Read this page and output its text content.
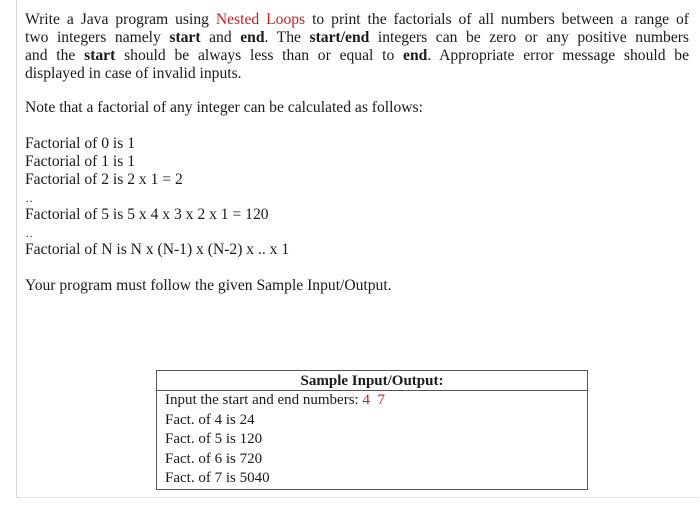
Write a Java program using Nested Loops to print the factorials of all numbers between a range of
two integers namely start and end. The start/end integers can be zero or any positive numbers
and the start should be always less than or equal to end. Appropriate error message should be
displayed in case of invalid inputs.

Note that a factorial of any integer can be calculated as follows:
Factorial of 0 is 1
Factorial of 1 is 1
Factorial of 2 is 2 x 1 = 2
..
Factorial of 5 is 5 x 4 x 3 x 2 x 1 = 120
..
Factorial of N is N x (N-1) x (N-2) x .. x 1
Your program must follow the given Sample Input/Output.
Sample Input/Output:
Input the start and end numbers: 4  7
Fact. of 4 is 24
Fact. of 5 is 120
Fact. of 6 is 720
Fact. of 7 is 5040
